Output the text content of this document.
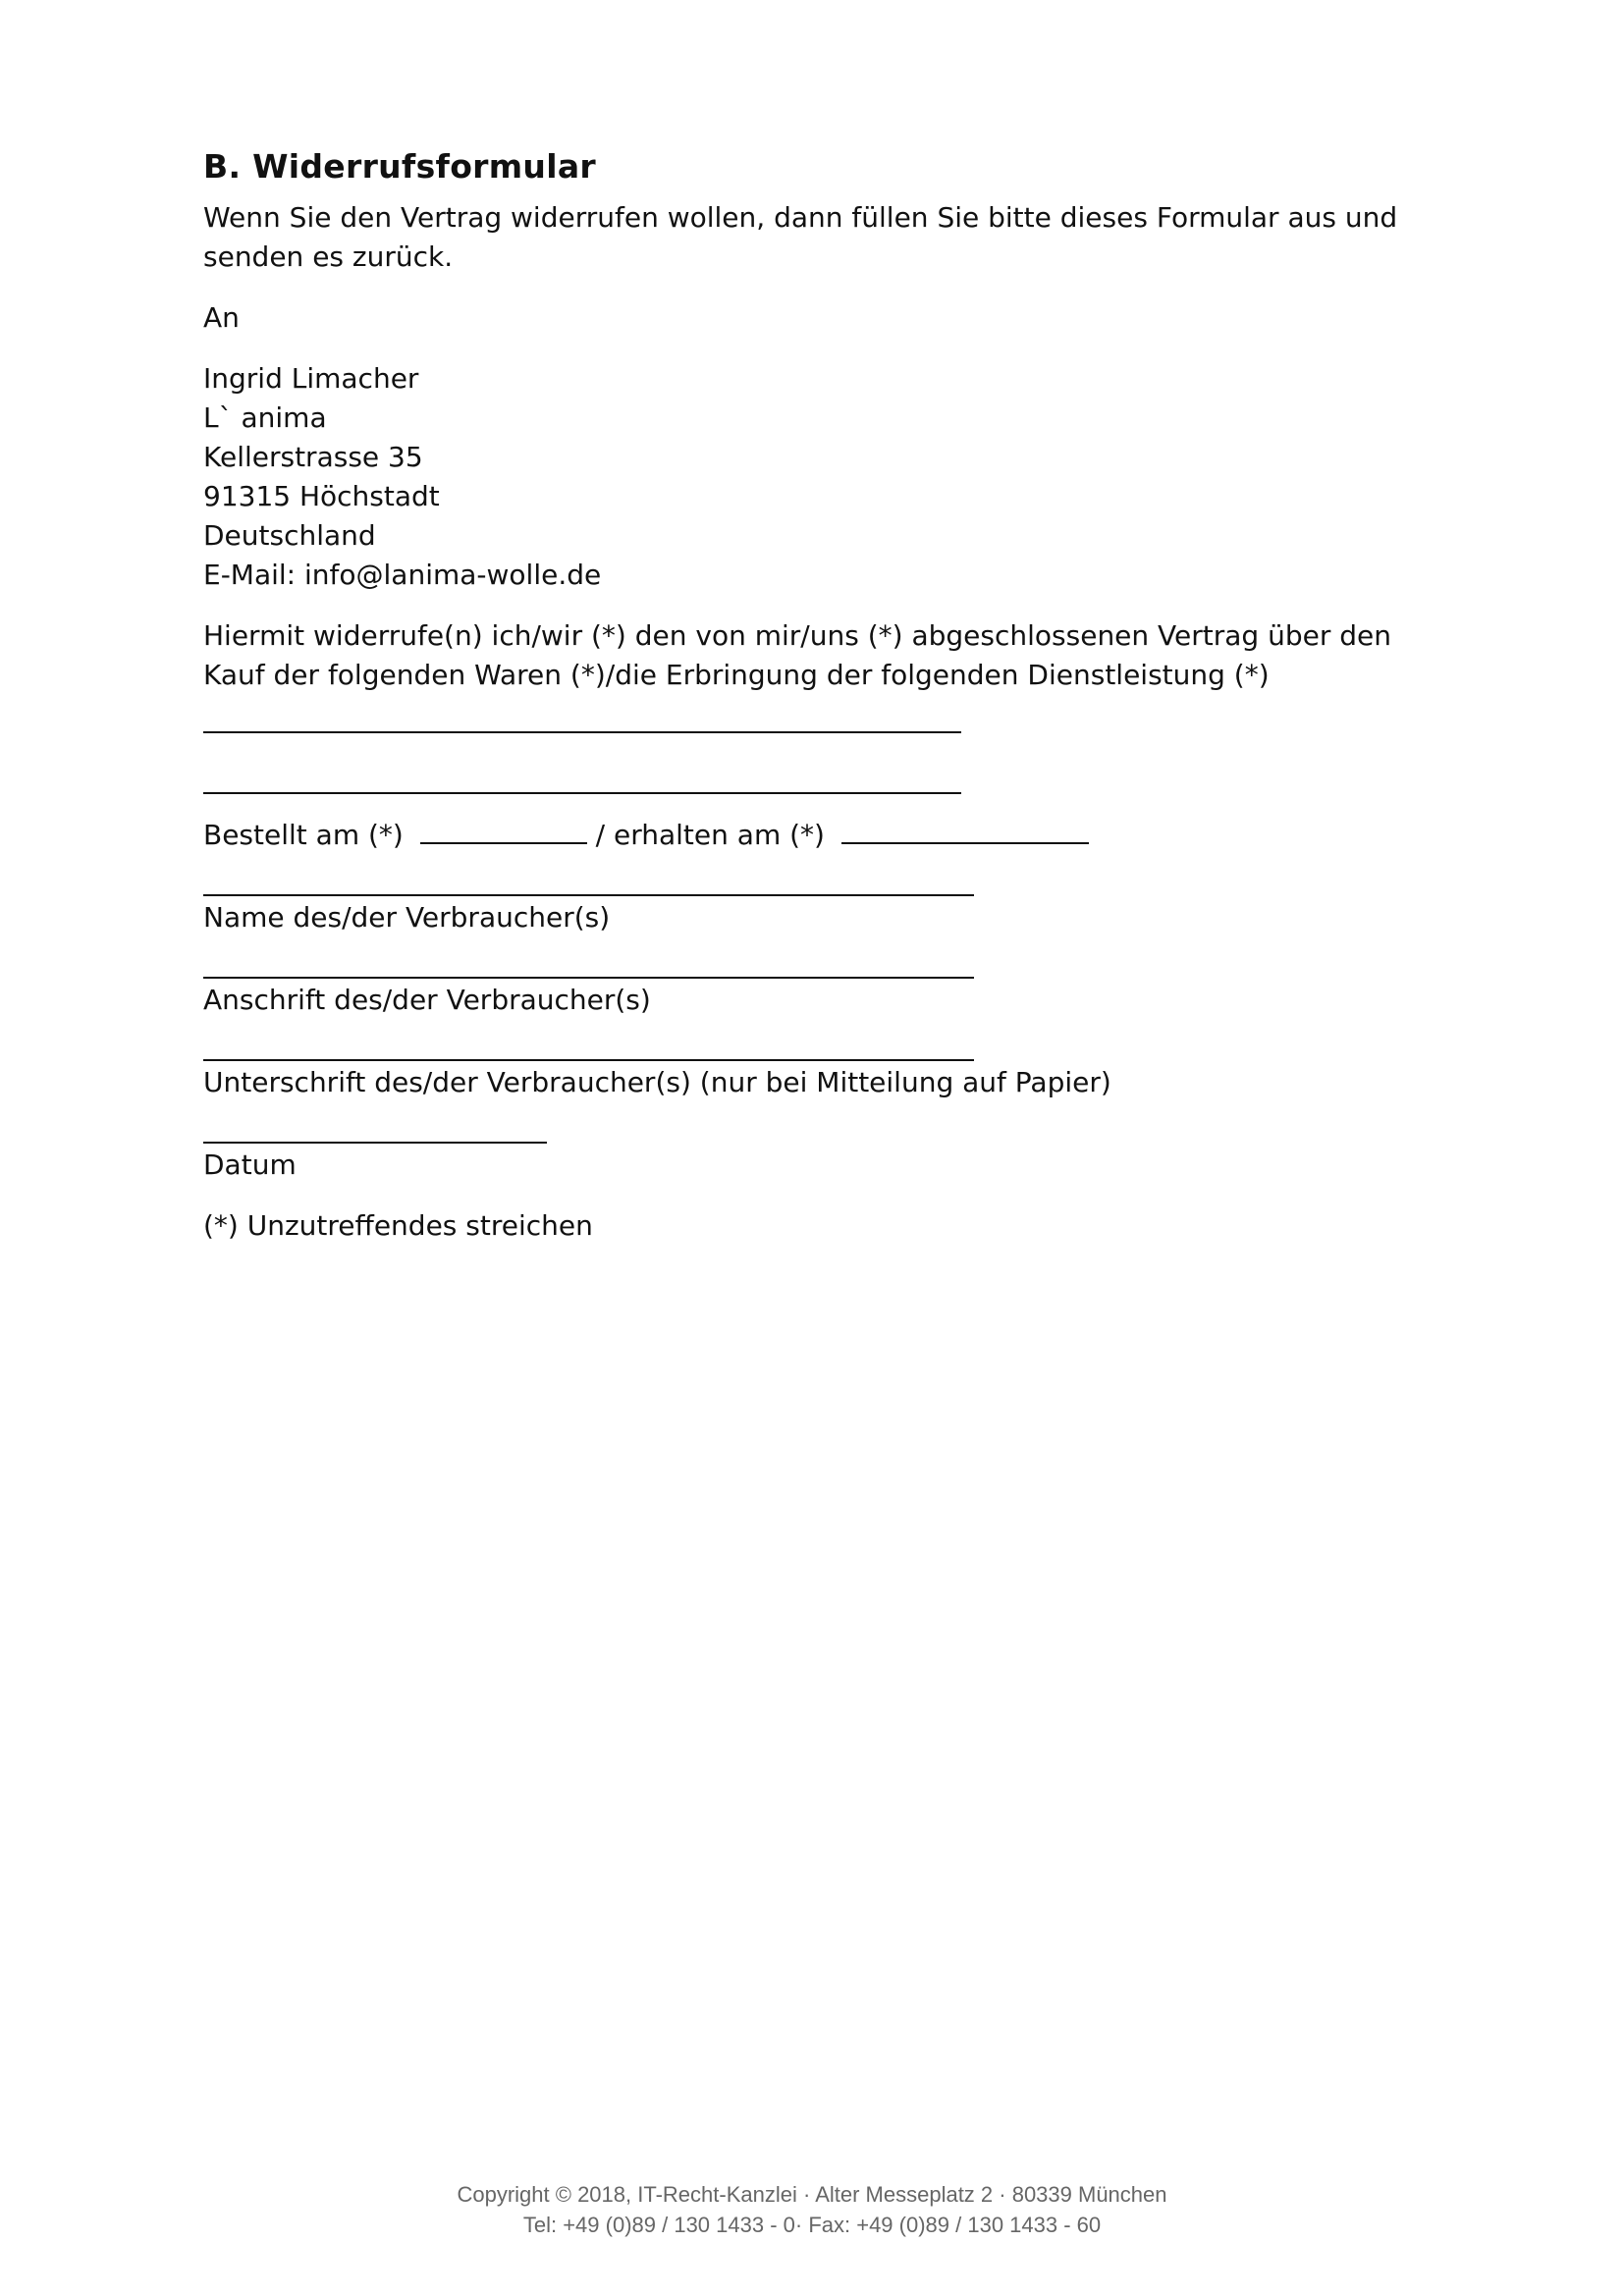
B. Widerrufsformular
Wenn Sie den Vertrag widerrufen wollen, dann füllen Sie bitte dieses Formular aus und senden es zurück.
An
Ingrid Limacher
L` anima
Kellerstrasse 35
91315 Höchstadt
Deutschland
E-Mail: info@lanima-wolle.de
Hiermit widerrufe(n) ich/wir (*) den von mir/uns (*) abgeschlossenen Vertrag über den Kauf der folgenden Waren (*)/die Erbringung der folgenden Dienstleistung (*)
Bestellt am (*)	/ erhalten am (*)
Name des/der Verbraucher(s)
Anschrift des/der Verbraucher(s)
Unterschrift des/der Verbraucher(s) (nur bei Mitteilung auf Papier)
Datum
(*) Unzutreffendes streichen
Copyright © 2018, IT-Recht-Kanzlei · Alter Messeplatz 2 · 80339 München
Tel: +49 (0)89 / 130 1433 - 0· Fax: +49 (0)89 / 130 1433 - 60
